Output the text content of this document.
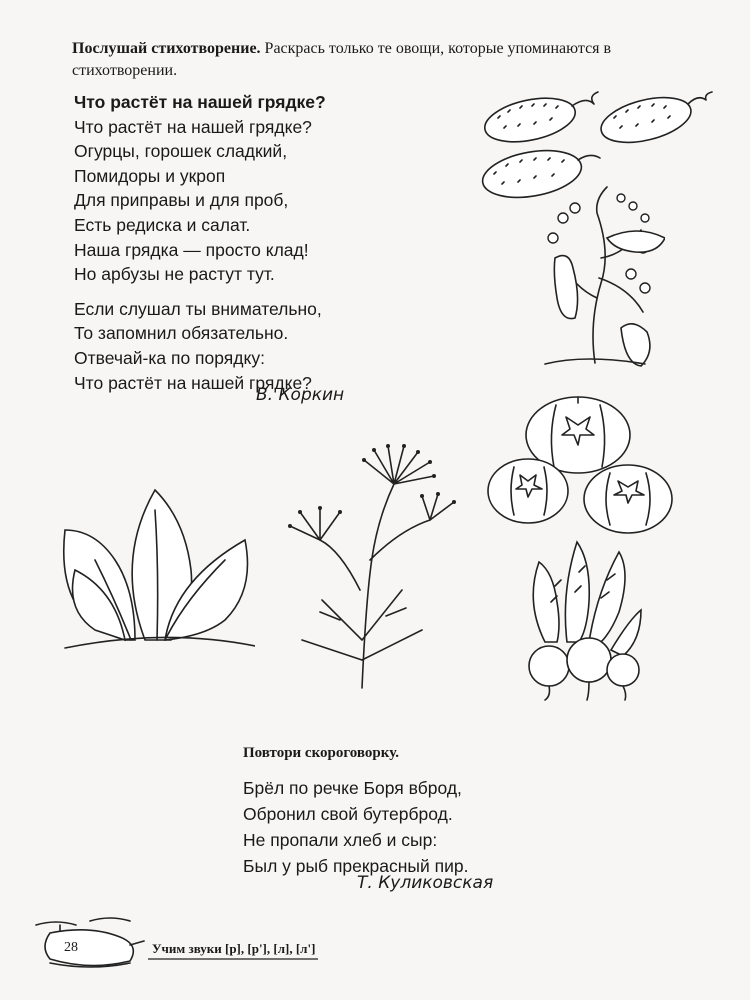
Послушай стихотворение. Раскрась только те овощи, которые упоминаются в стихотворении.
Что растёт на нашей грядке?
Что растёт на нашей грядке?
Огурцы, горошек сладкий,
Помидоры и укроп
Для приправы и для проб,
Есть редиска и салат.
Наша грядка — просто клад!
Но арбузы не растут тут.
Если слушал ты внимательно,
То запомнил обязательно.
Отвечай-ка по порядку:
Что растёт на нашей грядке?
В. Коркин
Повтори скороговорку.
Брёл по речке Боря вброд,
Обронил свой бутерброд.
Не пропали хлеб и сыр:
Был у рыб прекрасный пир.
Т. Куликовская
28	Учим звуки [р], [р'], [л], [л']
